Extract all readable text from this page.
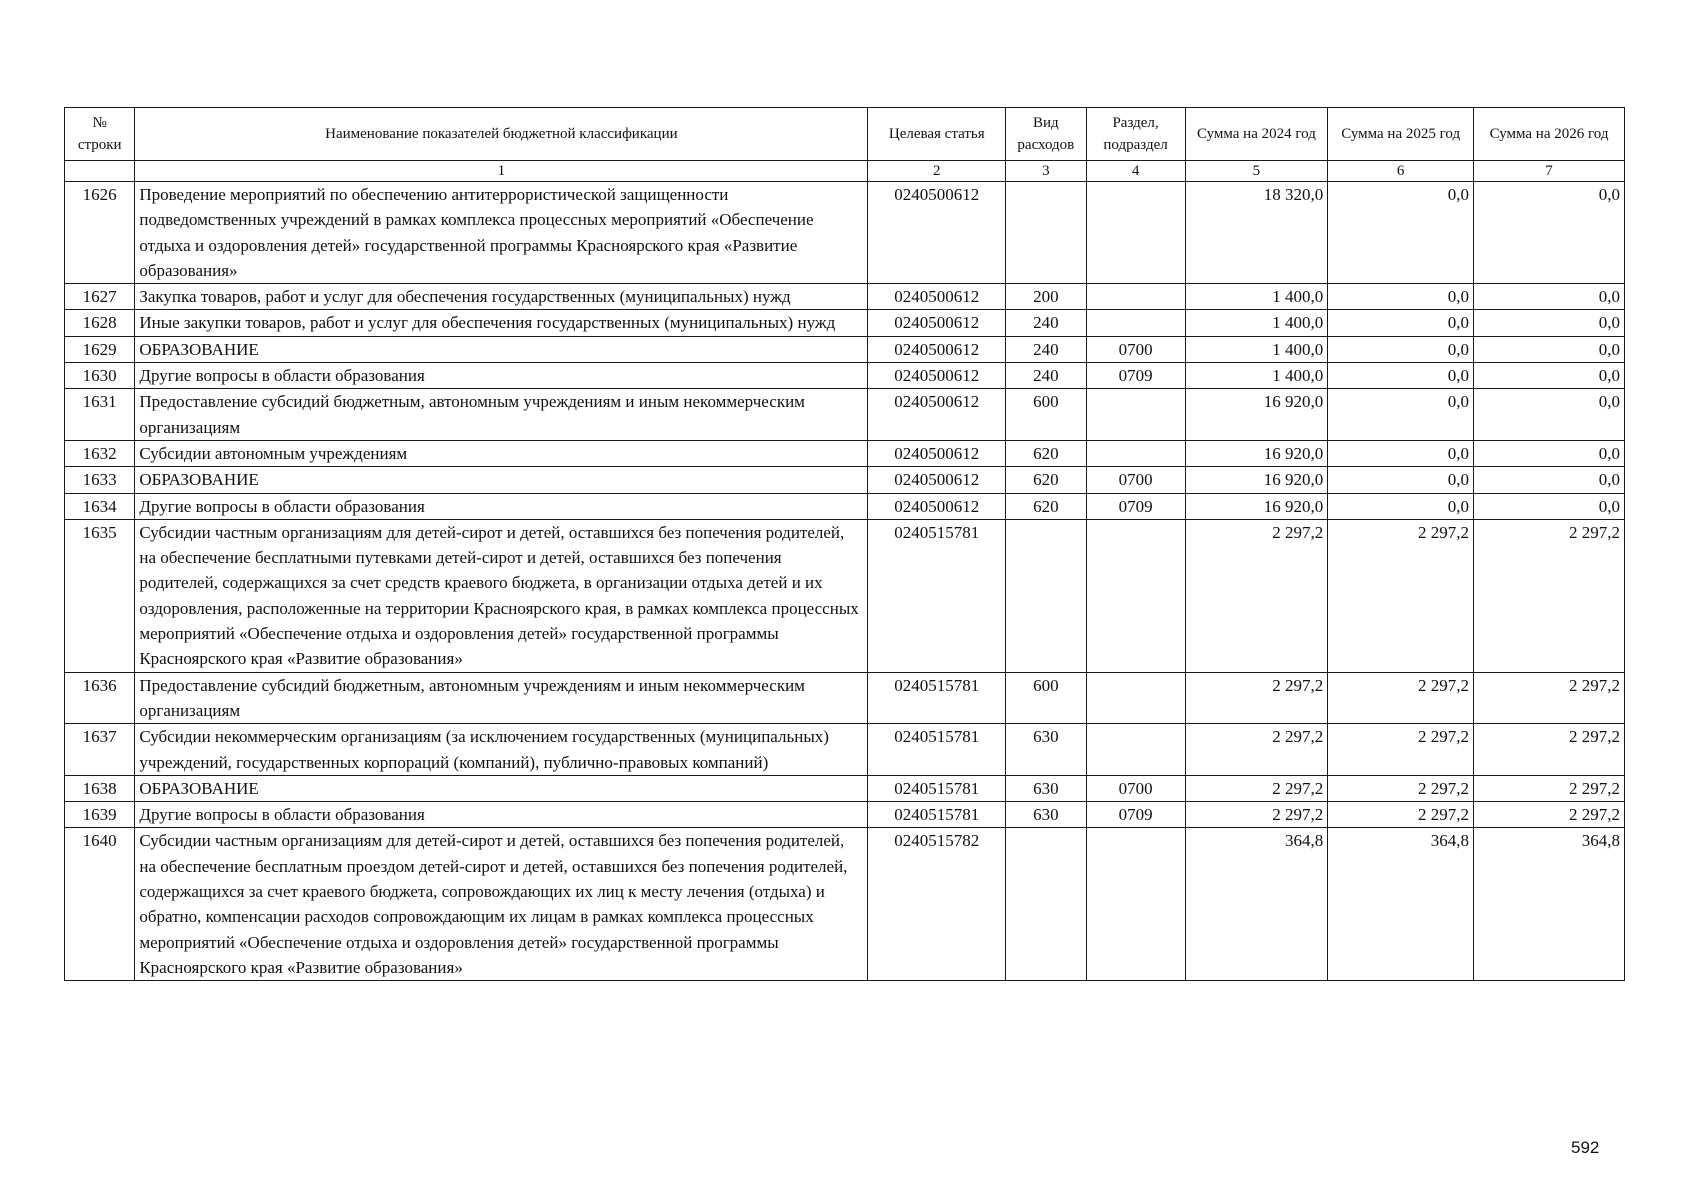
№ строки	Наименование показателей бюджетной классификации	Целевая статья	Вид расходов	Раздел, подраздел	Сумма на 2024 год	Сумма на 2025 год	Сумма на 2026 год
	1	2	3	4	5	6	7
1626	Проведение мероприятий по обеспечению антитеррористической защищенности подведомственных учреждений в рамках комплекса процессных мероприятий «Обеспечение отдыха и оздоровления детей» государственной программы Красноярского края «Развитие образования»	0240500612			18 320,0	0,0	0,0
1627	Закупка товаров, работ и услуг для обеспечения государственных (муниципальных) нужд	0240500612	200		1 400,0	0,0	0,0
1628	Иные закупки товаров, работ и услуг для обеспечения государственных (муниципальных) нужд	0240500612	240		1 400,0	0,0	0,0
1629	ОБРАЗОВАНИЕ	0240500612	240	0700	1 400,0	0,0	0,0
1630	Другие вопросы в области образования	0240500612	240	0709	1 400,0	0,0	0,0
1631	Предоставление субсидий бюджетным, автономным учреждениям и иным некоммерческим организациям	0240500612	600		16 920,0	0,0	0,0
1632	Субсидии автономным учреждениям	0240500612	620		16 920,0	0,0	0,0
1633	ОБРАЗОВАНИЕ	0240500612	620	0700	16 920,0	0,0	0,0
1634	Другие вопросы в области образования	0240500612	620	0709	16 920,0	0,0	0,0
1635	Субсидии частным организациям для детей-сирот и детей, оставшихся без попечения родителей, на обеспечение бесплатными путевками детей-сирот и детей, оставшихся без попечения родителей, содержащихся за счет средств краевого бюджета, в организации отдыха детей и их оздоровления, расположенные на территории Красноярского края, в рамках комплекса процессных мероприятий «Обеспечение отдыха и оздоровления детей» государственной программы Красноярского края «Развитие образования»	0240515781			2 297,2	2 297,2	2 297,2
1636	Предоставление субсидий бюджетным, автономным учреждениям и иным некоммерческим организациям	0240515781	600		2 297,2	2 297,2	2 297,2
1637	Субсидии некоммерческим организациям (за исключением государственных (муниципальных) учреждений, государственных корпораций (компаний), публично-правовых компаний)	0240515781	630		2 297,2	2 297,2	2 297,2
1638	ОБРАЗОВАНИЕ	0240515781	630	0700	2 297,2	2 297,2	2 297,2
1639	Другие вопросы в области образования	0240515781	630	0709	2 297,2	2 297,2	2 297,2
1640	Субсидии частным организациям для детей-сирот и детей, оставшихся без попечения родителей, на обеспечение бесплатным проездом детей-сирот и детей, оставшихся без попечения родителей, содержащихся за счет краевого бюджета, сопровождающих их лиц к месту лечения (отдыха) и обратно, компенсации расходов сопровождающим их лицам в рамках комплекса процессных мероприятий «Обеспечение отдыха и оздоровления детей» государственной программы Красноярского края «Развитие образования»	0240515782			364,8	364,8	364,8
592
